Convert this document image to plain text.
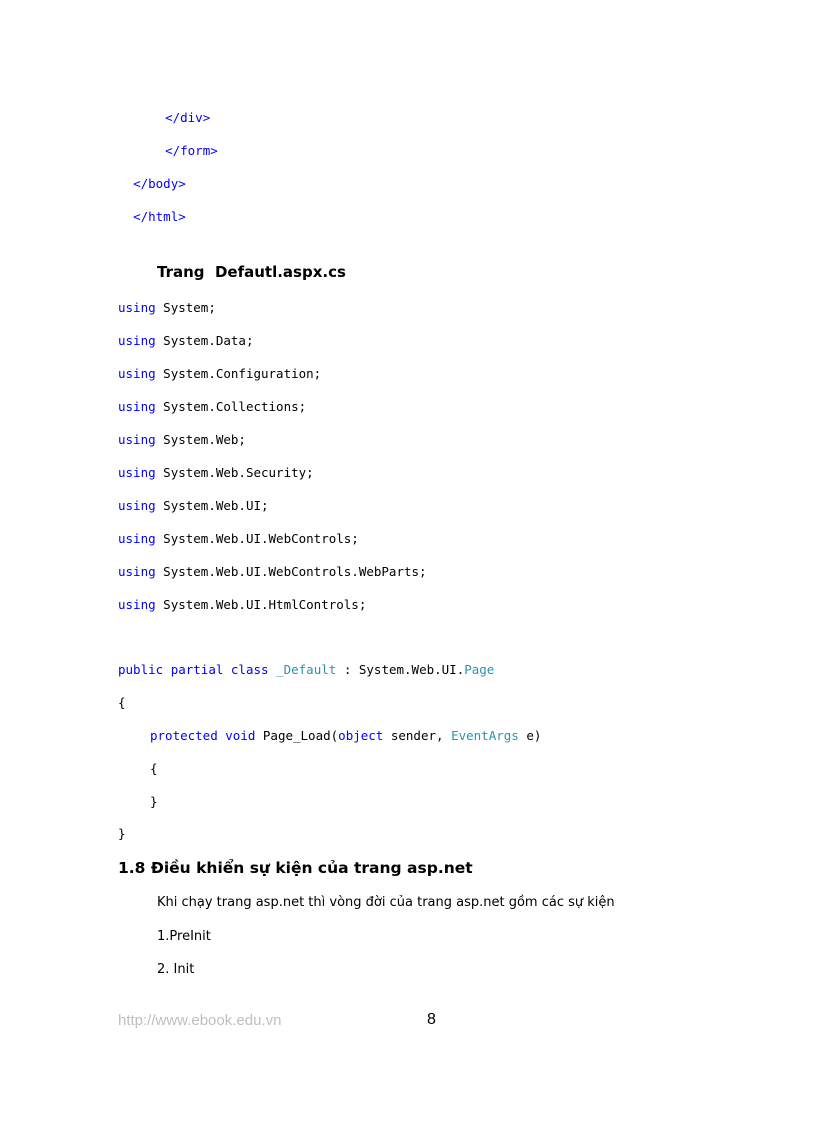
</div>

</form>

</body>

</html>

Trang  Defautl.aspx.cs
using System;
using System.Data;
using System.Configuration;
using System.Collections;
using System.Web;
using System.Web.Security;
using System.Web.UI;
using System.Web.UI.WebControls;
using System.Web.UI.WebControls.WebParts;
using System.Web.UI.HtmlControls;
public partial class _Default : System.Web.UI.Page
{
protected void Page_Load(object sender, EventArgs e)
{
}
}
1.8 Điều khiển sự kiện của trang asp.net
Khi chạy trang asp.net thì vòng đời của trang asp.net gồm các sự kiện
1.PreInit
2. Init
http://www.ebook.edu.vn	8
